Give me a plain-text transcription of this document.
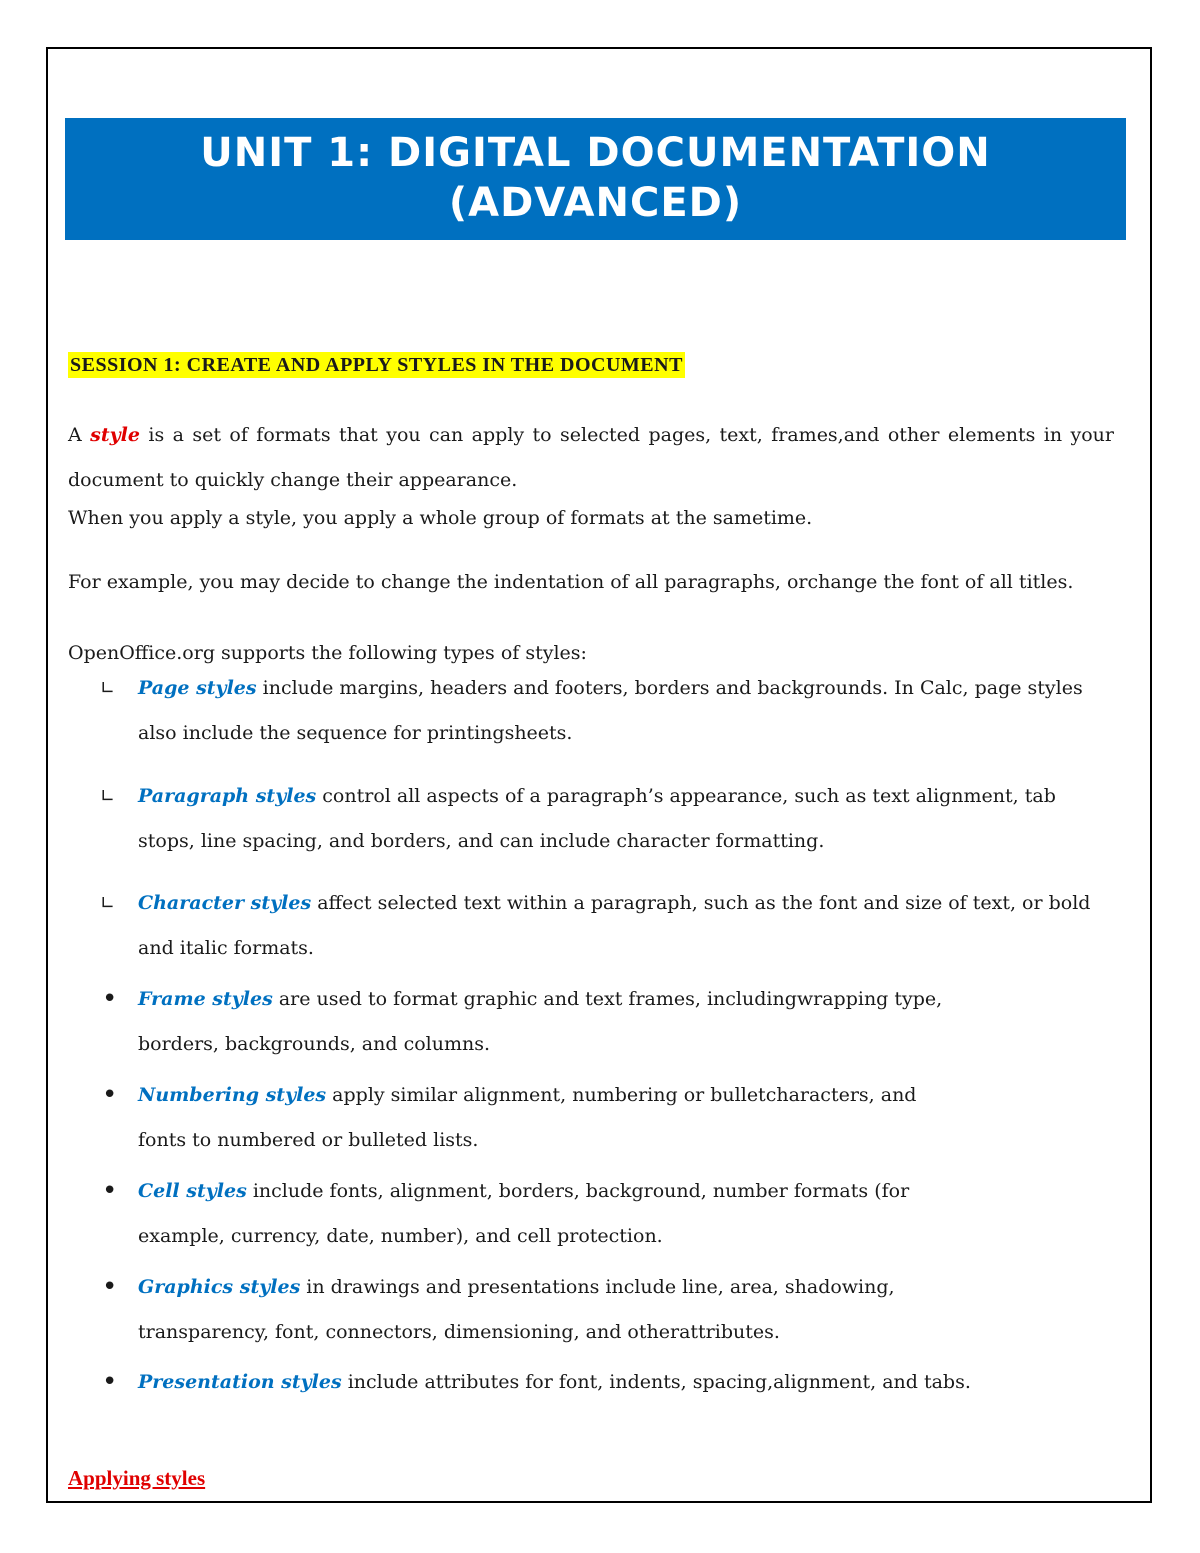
UNIT 1: DIGITAL DOCUMENTATION
(ADVANCED)
SESSION 1: CREATE AND APPLY STYLES IN THE DOCUMENT

A style is a set of formats that you can apply to selected pages, text, frames,and other elements in your document to quickly change their appearance.

When you apply a style, you apply a whole group of formats at the sametime.

For example, you may decide to change the indentation of all paragraphs, orchange the font of all titles.

OpenOffice.org supports the following types of styles:

∟ Page styles include margins, headers and footers, borders and backgrounds. In Calc, page styles also include the sequence for printingsheets.
∟ Paragraph styles control all aspects of a paragraph’s appearance, such as text alignment, tab stops, line spacing, and borders, and can include character formatting.
∟ Character styles affect selected text within a paragraph, such as the font and size of text, or bold and italic formats.
• Frame styles are used to format graphic and text frames, includingwrapping type, borders, backgrounds, and columns.
• Numbering styles apply similar alignment, numbering or bulletcharacters, and fonts to numbered or bulleted lists.
• Cell styles include fonts, alignment, borders, background, number formats (for example, currency, date, number), and cell protection.
• Graphics styles in drawings and presentations include line, area, shadowing, transparency, font, connectors, dimensioning, and otherattributes.
• Presentation styles include attributes for font, indents, spacing,alignment, and tabs.
Applying styles
